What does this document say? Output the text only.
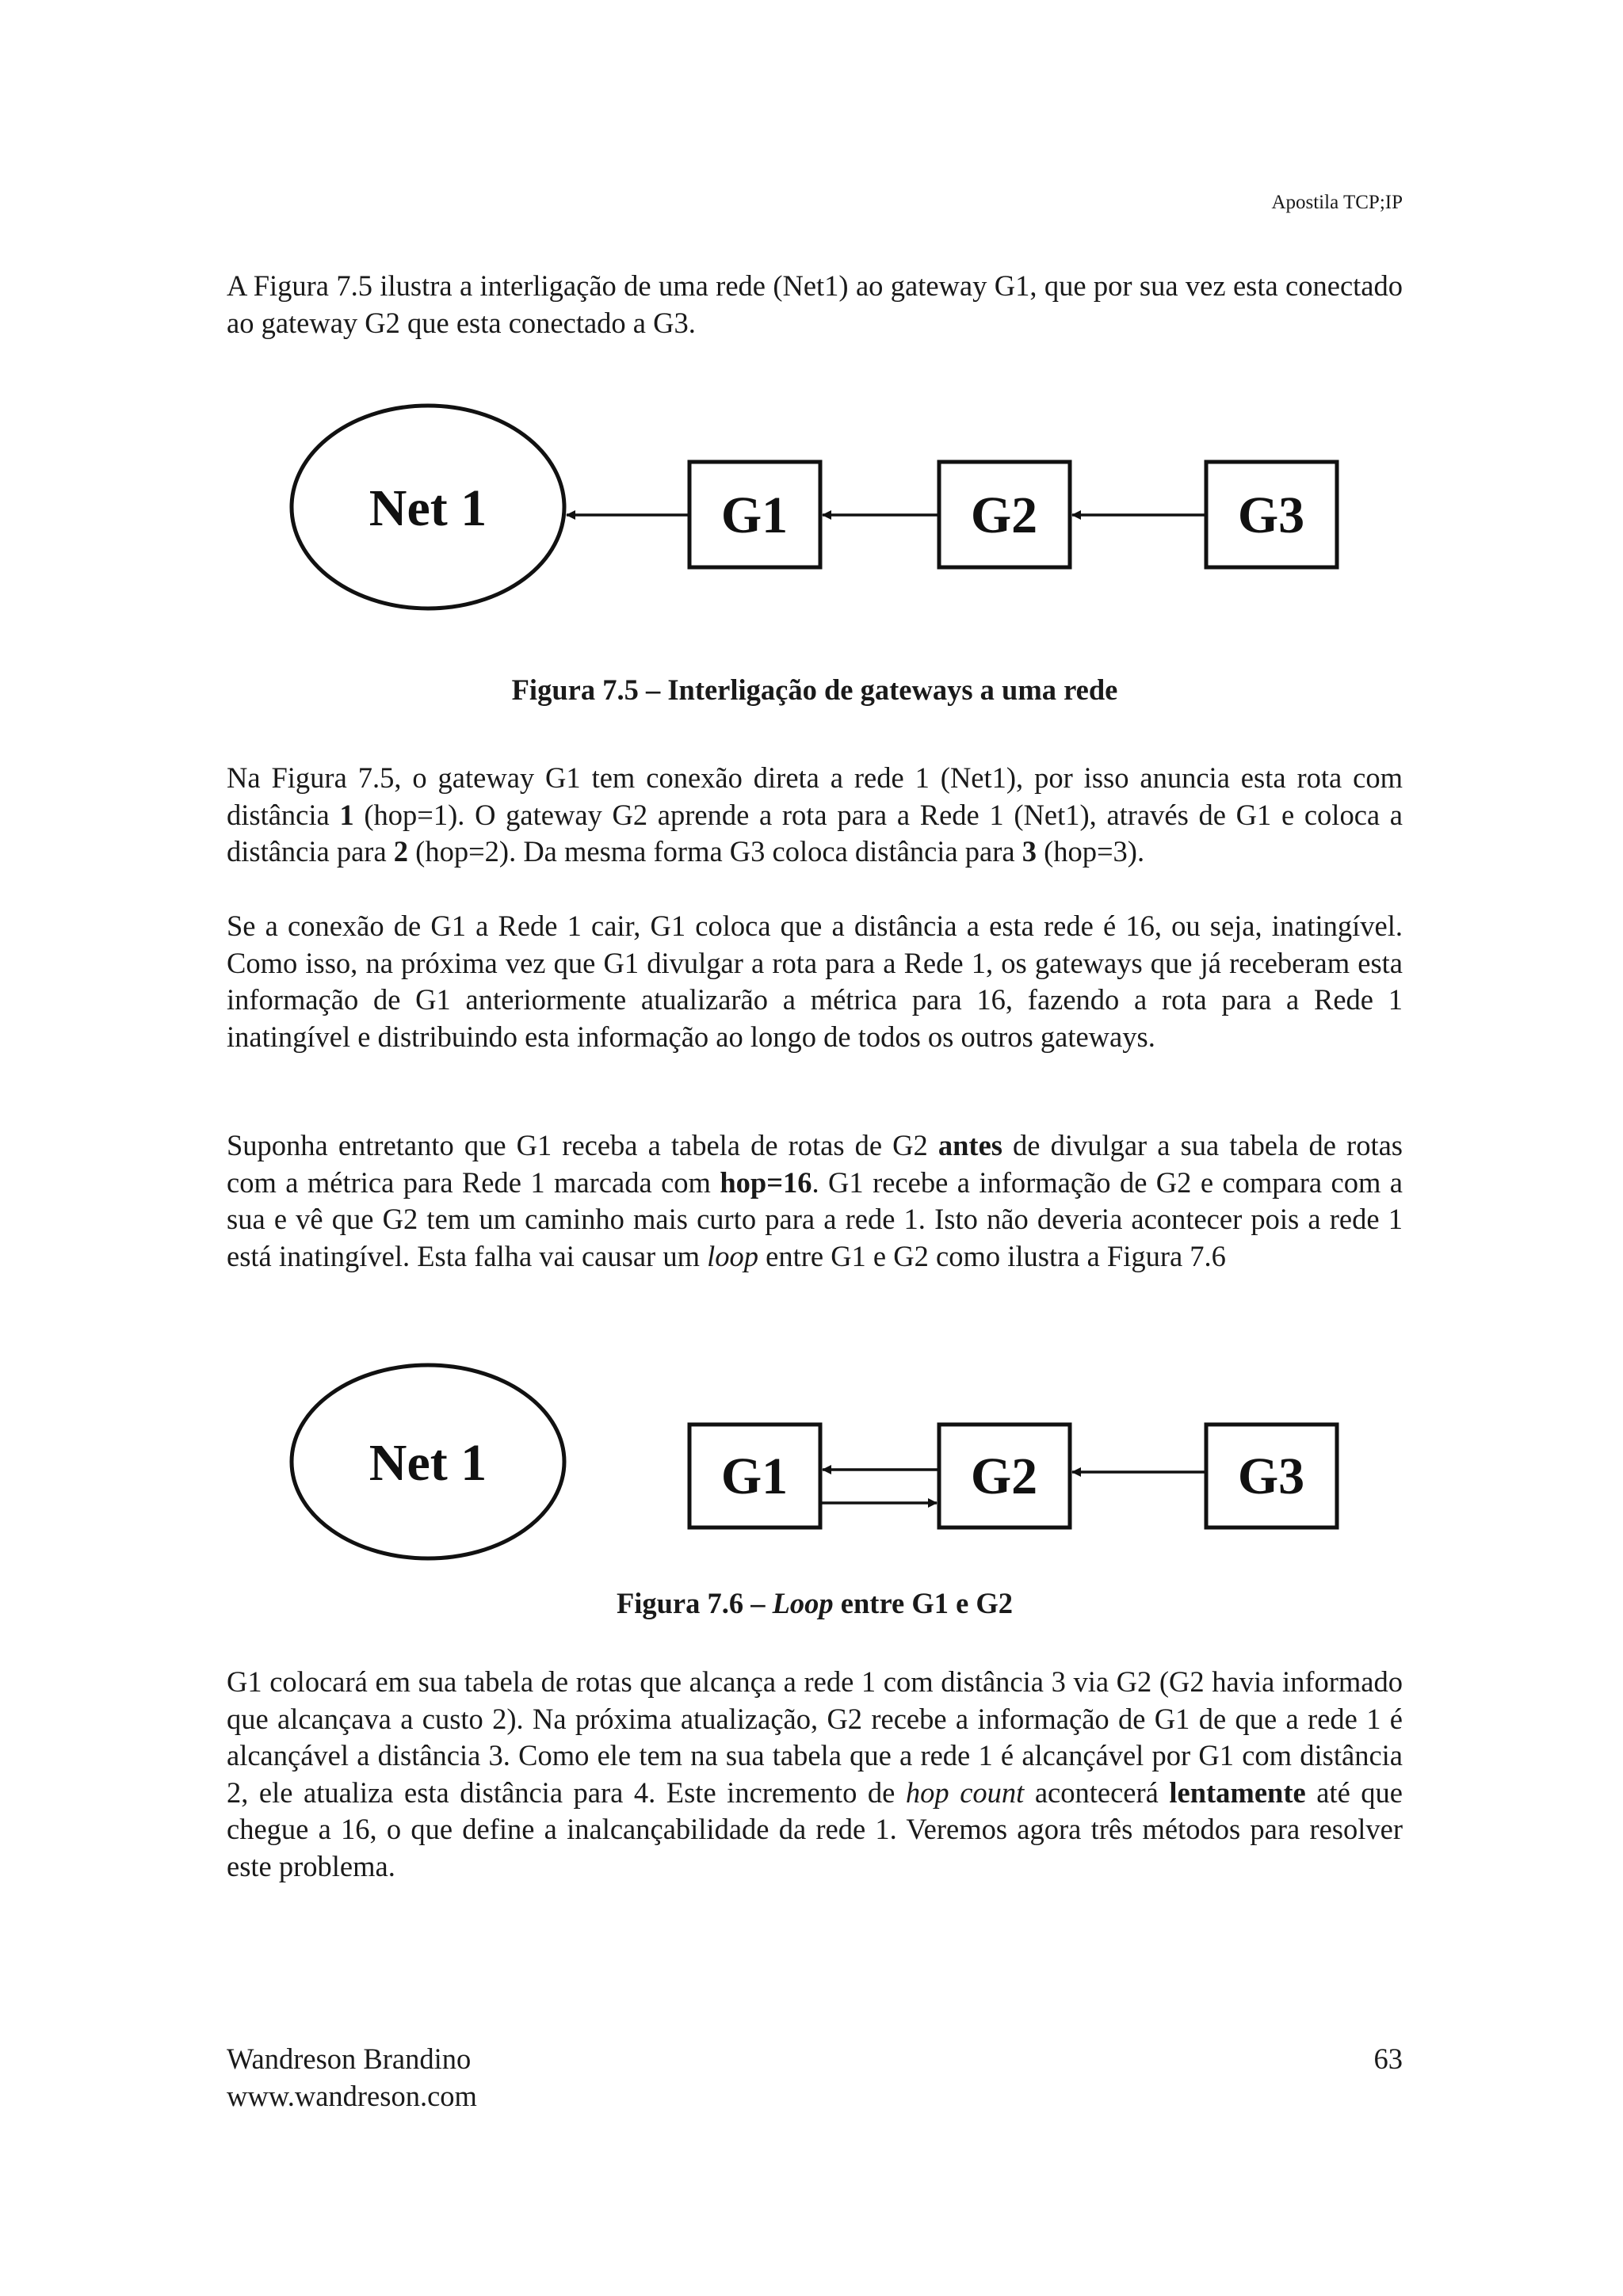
Apostila TCP;IP

A Figura 7.5 ilustra a interligação de uma rede (Net1) ao gateway G1, que por sua vez esta conectado ao gateway G2 que esta conectado a G3.

Net 1	G1	G2	G3
Figura 7.5 – Interligação de gateways a uma rede

Na Figura 7.5, o gateway G1 tem conexão direta a rede 1 (Net1), por isso anuncia esta rota com distância 1 (hop=1). O gateway G2 aprende a rota para a Rede 1 (Net1), através de G1 e coloca a distância para 2 (hop=2). Da mesma forma G3 coloca distância para 3 (hop=3).

Se a conexão de G1 a Rede 1 cair, G1 coloca que a distância a esta rede é 16, ou seja, inatingível. Como isso, na próxima vez que G1 divulgar a rota para a Rede 1, os gateways que já receberam esta informação de G1 anteriormente atualizarão a métrica para 16, fazendo a rota para a Rede 1 inatingível e distribuindo esta informação ao longo de todos os outros gateways.

Suponha entretanto que G1 receba a tabela de rotas de G2 antes de divulgar a sua tabela de rotas com a métrica para Rede 1 marcada com hop=16. G1 recebe a informação de G2 e compara com a sua e vê que G2 tem um caminho mais curto para a rede 1. Isto não deveria acontecer pois a rede 1 está inatingível. Esta falha vai causar um loop entre G1 e G2 como ilustra a Figura 7.6

Net 1	G1	G2	G3
Figura 7.6 – Loop entre G1 e G2

G1 colocará em sua tabela de rotas que alcança a rede 1 com distância 3 via G2 (G2 havia informado que alcançava a custo 2). Na próxima atualização, G2 recebe a informação de G1 de que a rede 1 é alcançável a distância 3. Como ele tem na sua tabela que a rede 1 é alcançável por G1 com distância 2, ele atualiza esta distância para 4. Este incremento de hop count acontecerá lentamente até que chegue a 16, o que define a inalcançabilidade da rede 1. Veremos agora três métodos para resolver este problema.

Wandreson Brandino
www.wandreson.com
63
